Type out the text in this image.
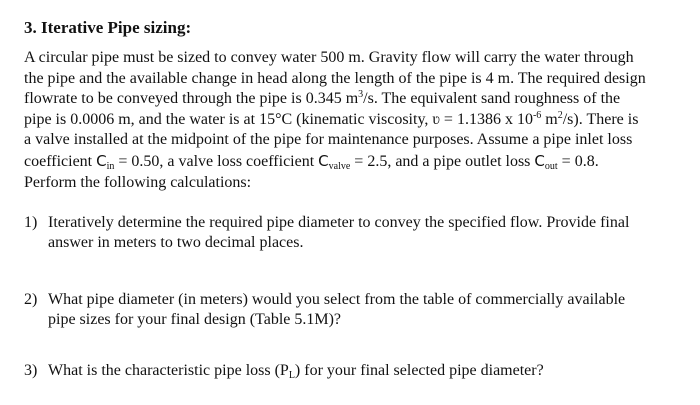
3. Iterative Pipe sizing:
A circular pipe must be sized to convey water 500 m. Gravity flow will carry the water through
the pipe and the available change in head along the length of the pipe is 4 m. The required design
flowrate to be conveyed through the pipe is 0.345 $m^3/s$. The equivalent sand roughness of the
pipe is 0.0006 m, and the water is at 15°C (kinematic viscosity, ʋ = 1.1386 x $10^{-6}$ $m^2/s$). There is
a valve installed at the midpoint of the pipe for maintenance purposes. Assume a pipe inlet loss
coefficient $C_{in} = 0.50$, a valve loss coefficient $C_{valve} = 2.5$, and a pipe outlet loss $C_{out} = 0.8$.
Perform the following calculations:
1) Iteratively determine the required pipe diameter to convey the specified flow. Provide final
answer in meters to two decimal places.
2) What pipe diameter (in meters) would you select from the table of commercially available
pipe sizes for your final design (Table 5.1M)?
3) What is the characteristic pipe loss $(P_L)$ for your final selected pipe diameter?
